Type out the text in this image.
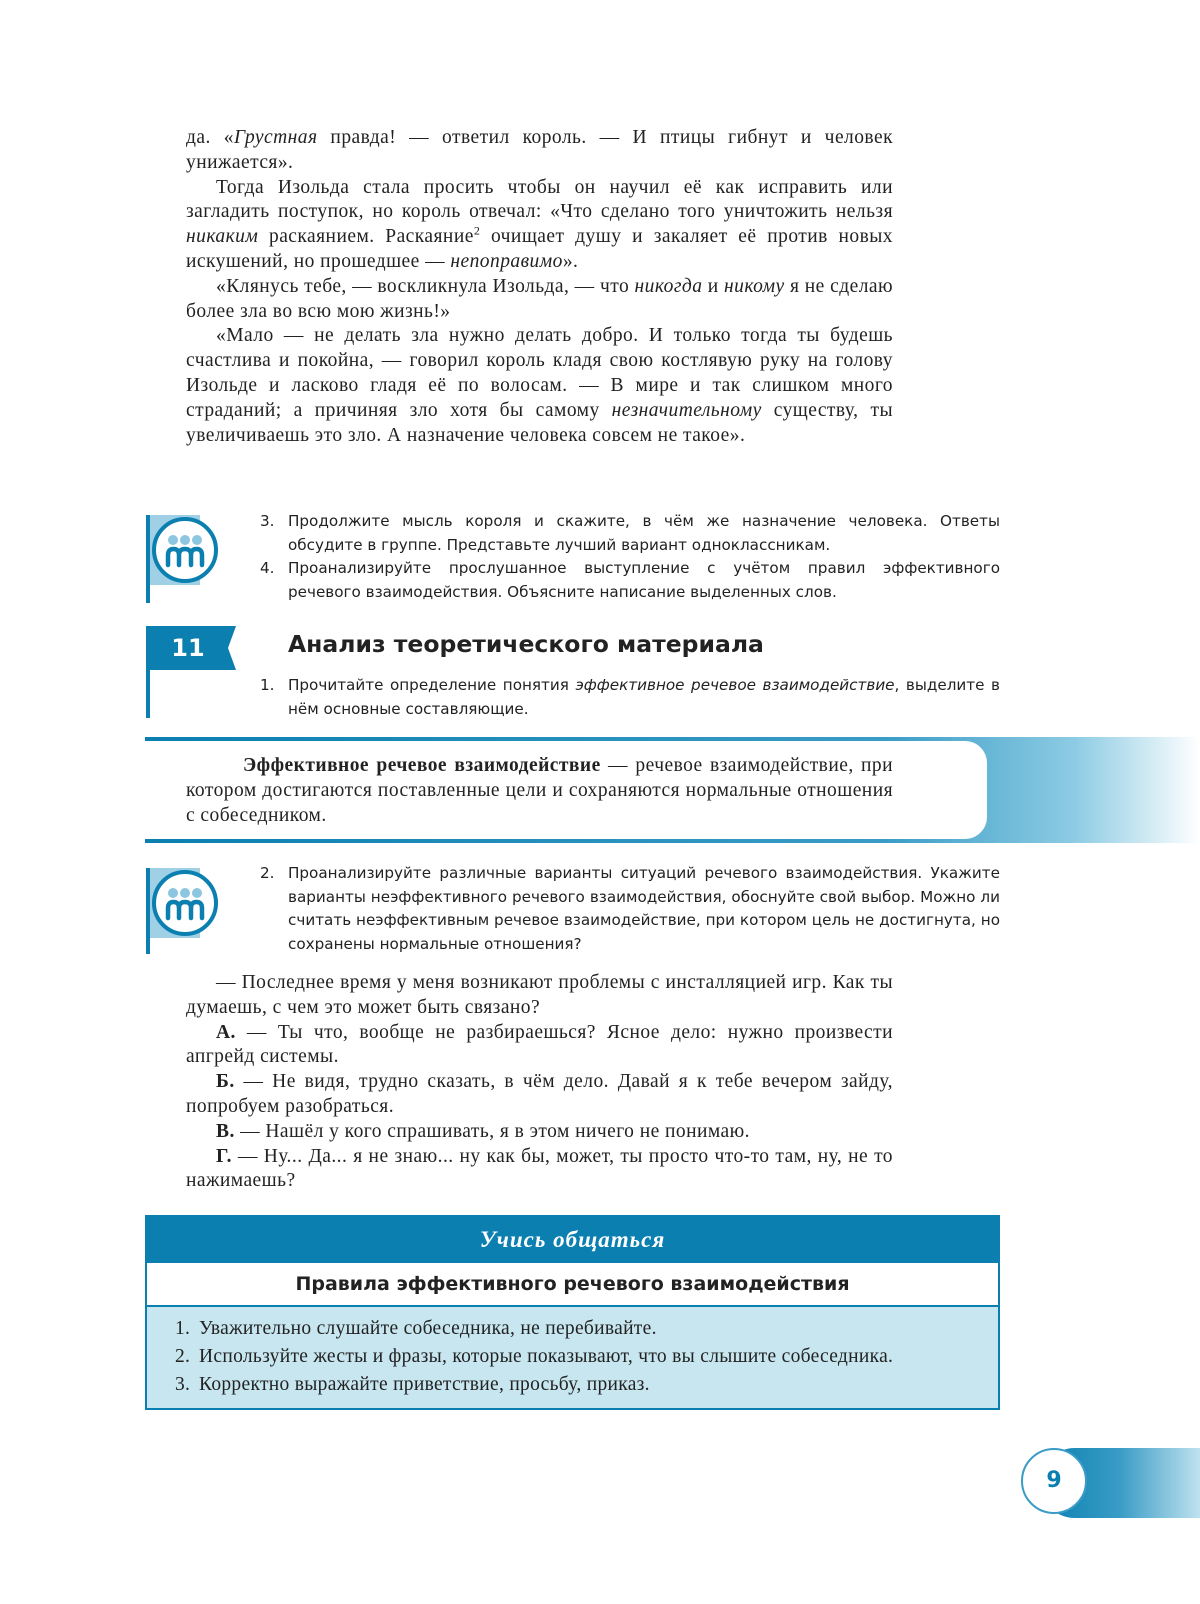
да. «Грустная правда! — ответил король. — И птицы гибнут и человек унижается».

Тогда Изольда стала просить чтобы он научил её как исправить или загладить поступок, но король отвечал: «Что сделано того уничтожить нельзя никаким раскаянием. Раскаяние$^2$ очищает душу и закаляет её против новых искушений, но прошедшее — непоправимо».

«Клянусь тебе, — воскликнула Изольда, — что никогда и никому я не сделаю более зла во всю мою жизнь!»

«Мало — не делать зла нужно делать добро. И только тогда ты будешь счастлива и покойна, — говорил король кладя свою костлявую руку на голову Изольде и ласково гладя её по волосам. — В мире и так слишком много страданий; а причиняя зло хотя бы самому незначительному существу, ты увеличиваешь это зло. А назначение человека совсем не такое».

3. Продолжите мысль короля и скажите, в чём же назначение человека. Ответы обсудите в группе. Представьте лучший вариант одноклассникам.
4. Проанализируйте прослушанное выступление с учётом правил эффективного речевого взаимодействия. Объясните написание выделенных слов.
11	Анализ теоретического материала
1. Прочитайте определение понятия эффективное речевое взаимодействие, выделите в нём основные составляющие.

Эффективное речевое взаимодействие — речевое взаимодействие, при котором достигаются поставленные цели и сохраняются нормальные отношения с собеседником.

2. Проанализируйте различные варианты ситуаций речевого взаимодействия. Укажите варианты неэффективного речевого взаимодействия, обоснуйте свой выбор. Можно ли считать неэффективным речевое взаимодействие, при котором цель не достигнута, но сохранены нормальные отношения?

— Последнее время у меня возникают проблемы с инсталляцией игр. Как ты думаешь, с чем это может быть связано?

А. — Ты что, вообще не разбираешься? Ясное дело: нужно произвести апгрейд системы.

Б. — Не видя, трудно сказать, в чём дело. Давай я к тебе вечером зайду, попробуем разобраться.

В. — Нашёл у кого спрашивать, я в этом ничего не понимаю.

Г. — Ну... Да... я не знаю... ну как бы, может, ты просто что-то там, ну, не то нажимаешь?

Учись общаться
Правила эффективного речевого взаимодействия
1. Уважительно слушайте собеседника, не перебивайте.
2. Используйте жесты и фразы, которые показывают, что вы слышите собеседника.
3. Корректно выражайте приветствие, просьбу, приказ.
9
